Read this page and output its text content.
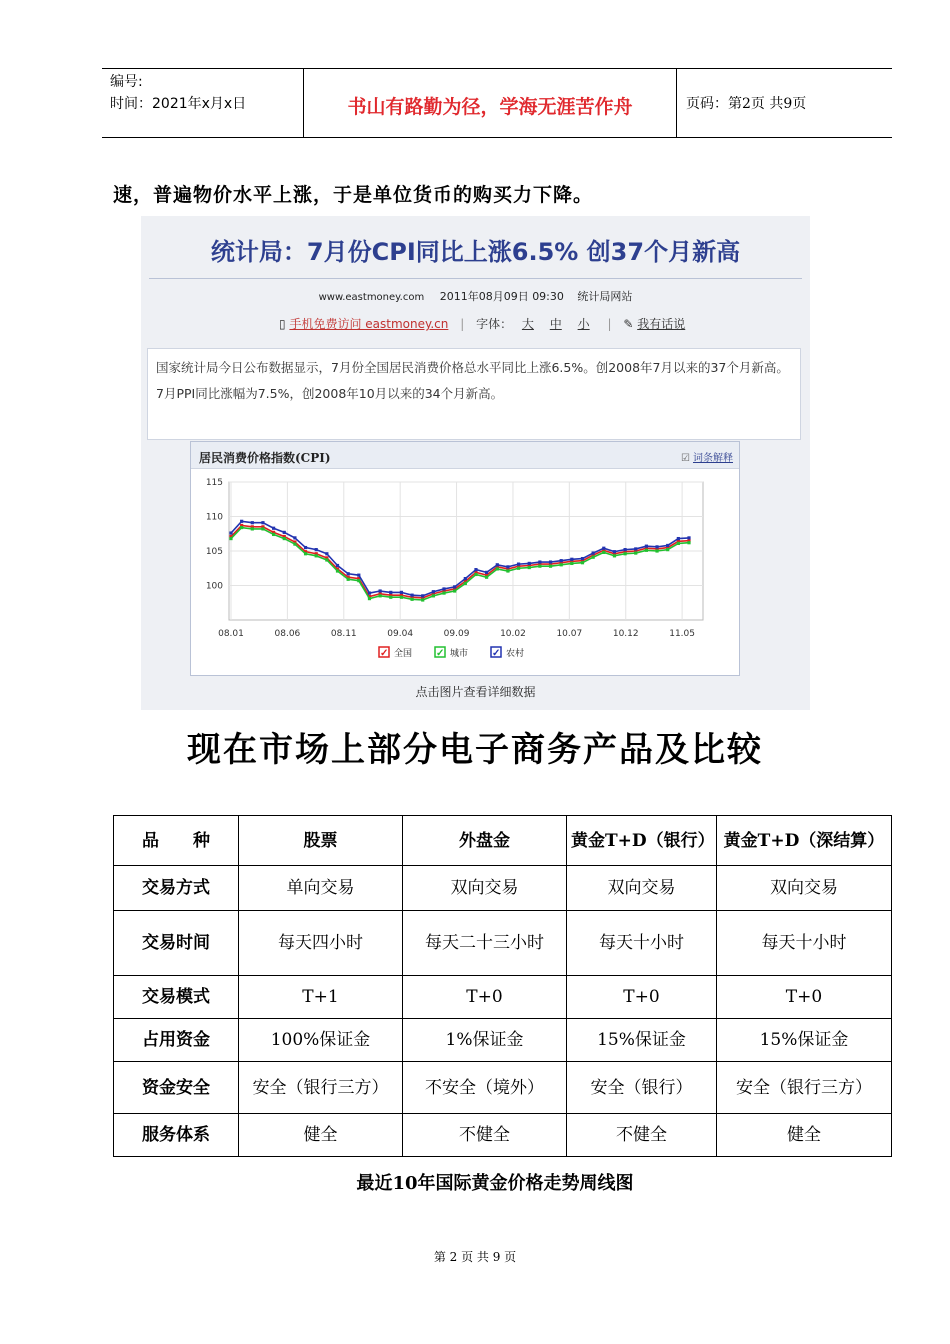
编号:
时间：2021年x月x日	书山有路勤为径，学海无涯苦作舟	页码：第2页 共9页
速，普遍物价水平上涨，于是单位货币的购买力下降。
统计局：7月份CPI同比上涨6.5% 创37个月新高
www.eastmoney.com 2011年08月09日 09:30 统计局网站
▯ 手机免费访问 eastmoney.cn | 字体： 大 中 小 | ✎ 我有话说
国家统计局今日公布数据显示，7月份全国居民消费价格总水平同比上涨6.5%。创2008年7月以来的37个月新高。7月PPI同比涨幅为7.5%，创2008年10月以来的34个月新高。
居民消费价格指数(CPI)	☑ 词条解释
100
105
110
115
08.01	08.06	08.11	09.04	09.09	10.02	10.07	10.12	11.05
✓ 全国 ✓ 城市 ✓ 农村
点击图片查看详细数据
现在市场上部分电子商务产品及比较
品　　种	股票	外盘金	黄金T+D（银行）	黄金T+D（深结算）
交易方式	单向交易	双向交易	双向交易	双向交易
交易时间	每天四小时	每天二十三小时	每天十小时	每天十小时
交易模式	T+1	T+0	T+0	T+0
占用资金	100%保证金	1%保证金	15%保证金	15%保证金
资金安全	安全（银行三方）	不安全（境外）	安全（银行）	安全（银行三方）
服务体系	健全	不健全	不健全	健全
最近10年国际黄金价格走势周线图
第 2 页 共 9 页
